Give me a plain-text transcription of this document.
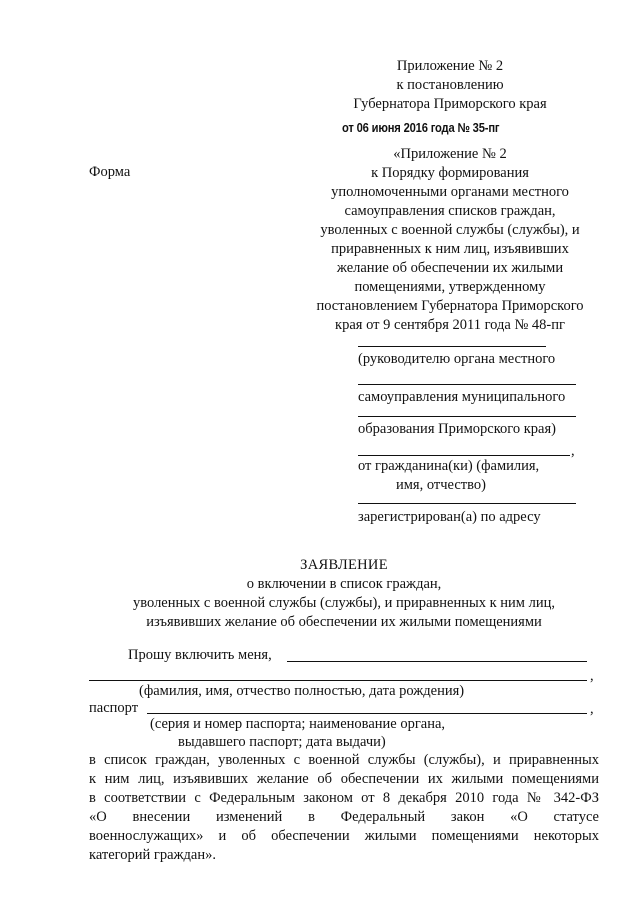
Приложение № 2
к постановлению
Губернатора Приморского края
от 06 июня 2016 года № 35-пг
Форма
«Приложение № 2
к Порядку формирования
уполномоченными органами местного
самоуправления списков граждан,
уволенных с военной службы (службы), и
приравненных к ним лиц, изъявивших
желание об обеспечении их жилыми
помещениями, утвержденному
постановлением Губернатора Приморского
края от 9 сентября 2011 года № 48-пг
(руководителю органа местного
самоуправления муниципального
образования Приморского края)
,
от гражданина(ки) (фамилия,
имя, отчество)
зарегистрирован(а) по адресу
ЗАЯВЛЕНИЕ
о включении в список граждан,
уволенных с военной службы (службы), и приравненных к ним лиц,
изъявивших желание об обеспечении их жилыми помещениями
Прошу включить меня,
,
(фамилия, имя, отчество полностью, дата рождения)
паспорт	,
(серия и номер паспорта; наименование органа,
выдавшего паспорт; дата выдачи)
в список граждан, уволенных с военной службы (службы), и приравненных
к ним лиц, изъявивших желание об обеспечении их жилыми помещениями
в соответствии с Федеральным законом от 8 декабря 2010 года № 342-ФЗ
«О внесении изменений в Федеральный закон «О статусе
военнослужащих» и об обеспечении жилыми помещениями некоторых
категорий граждан».
